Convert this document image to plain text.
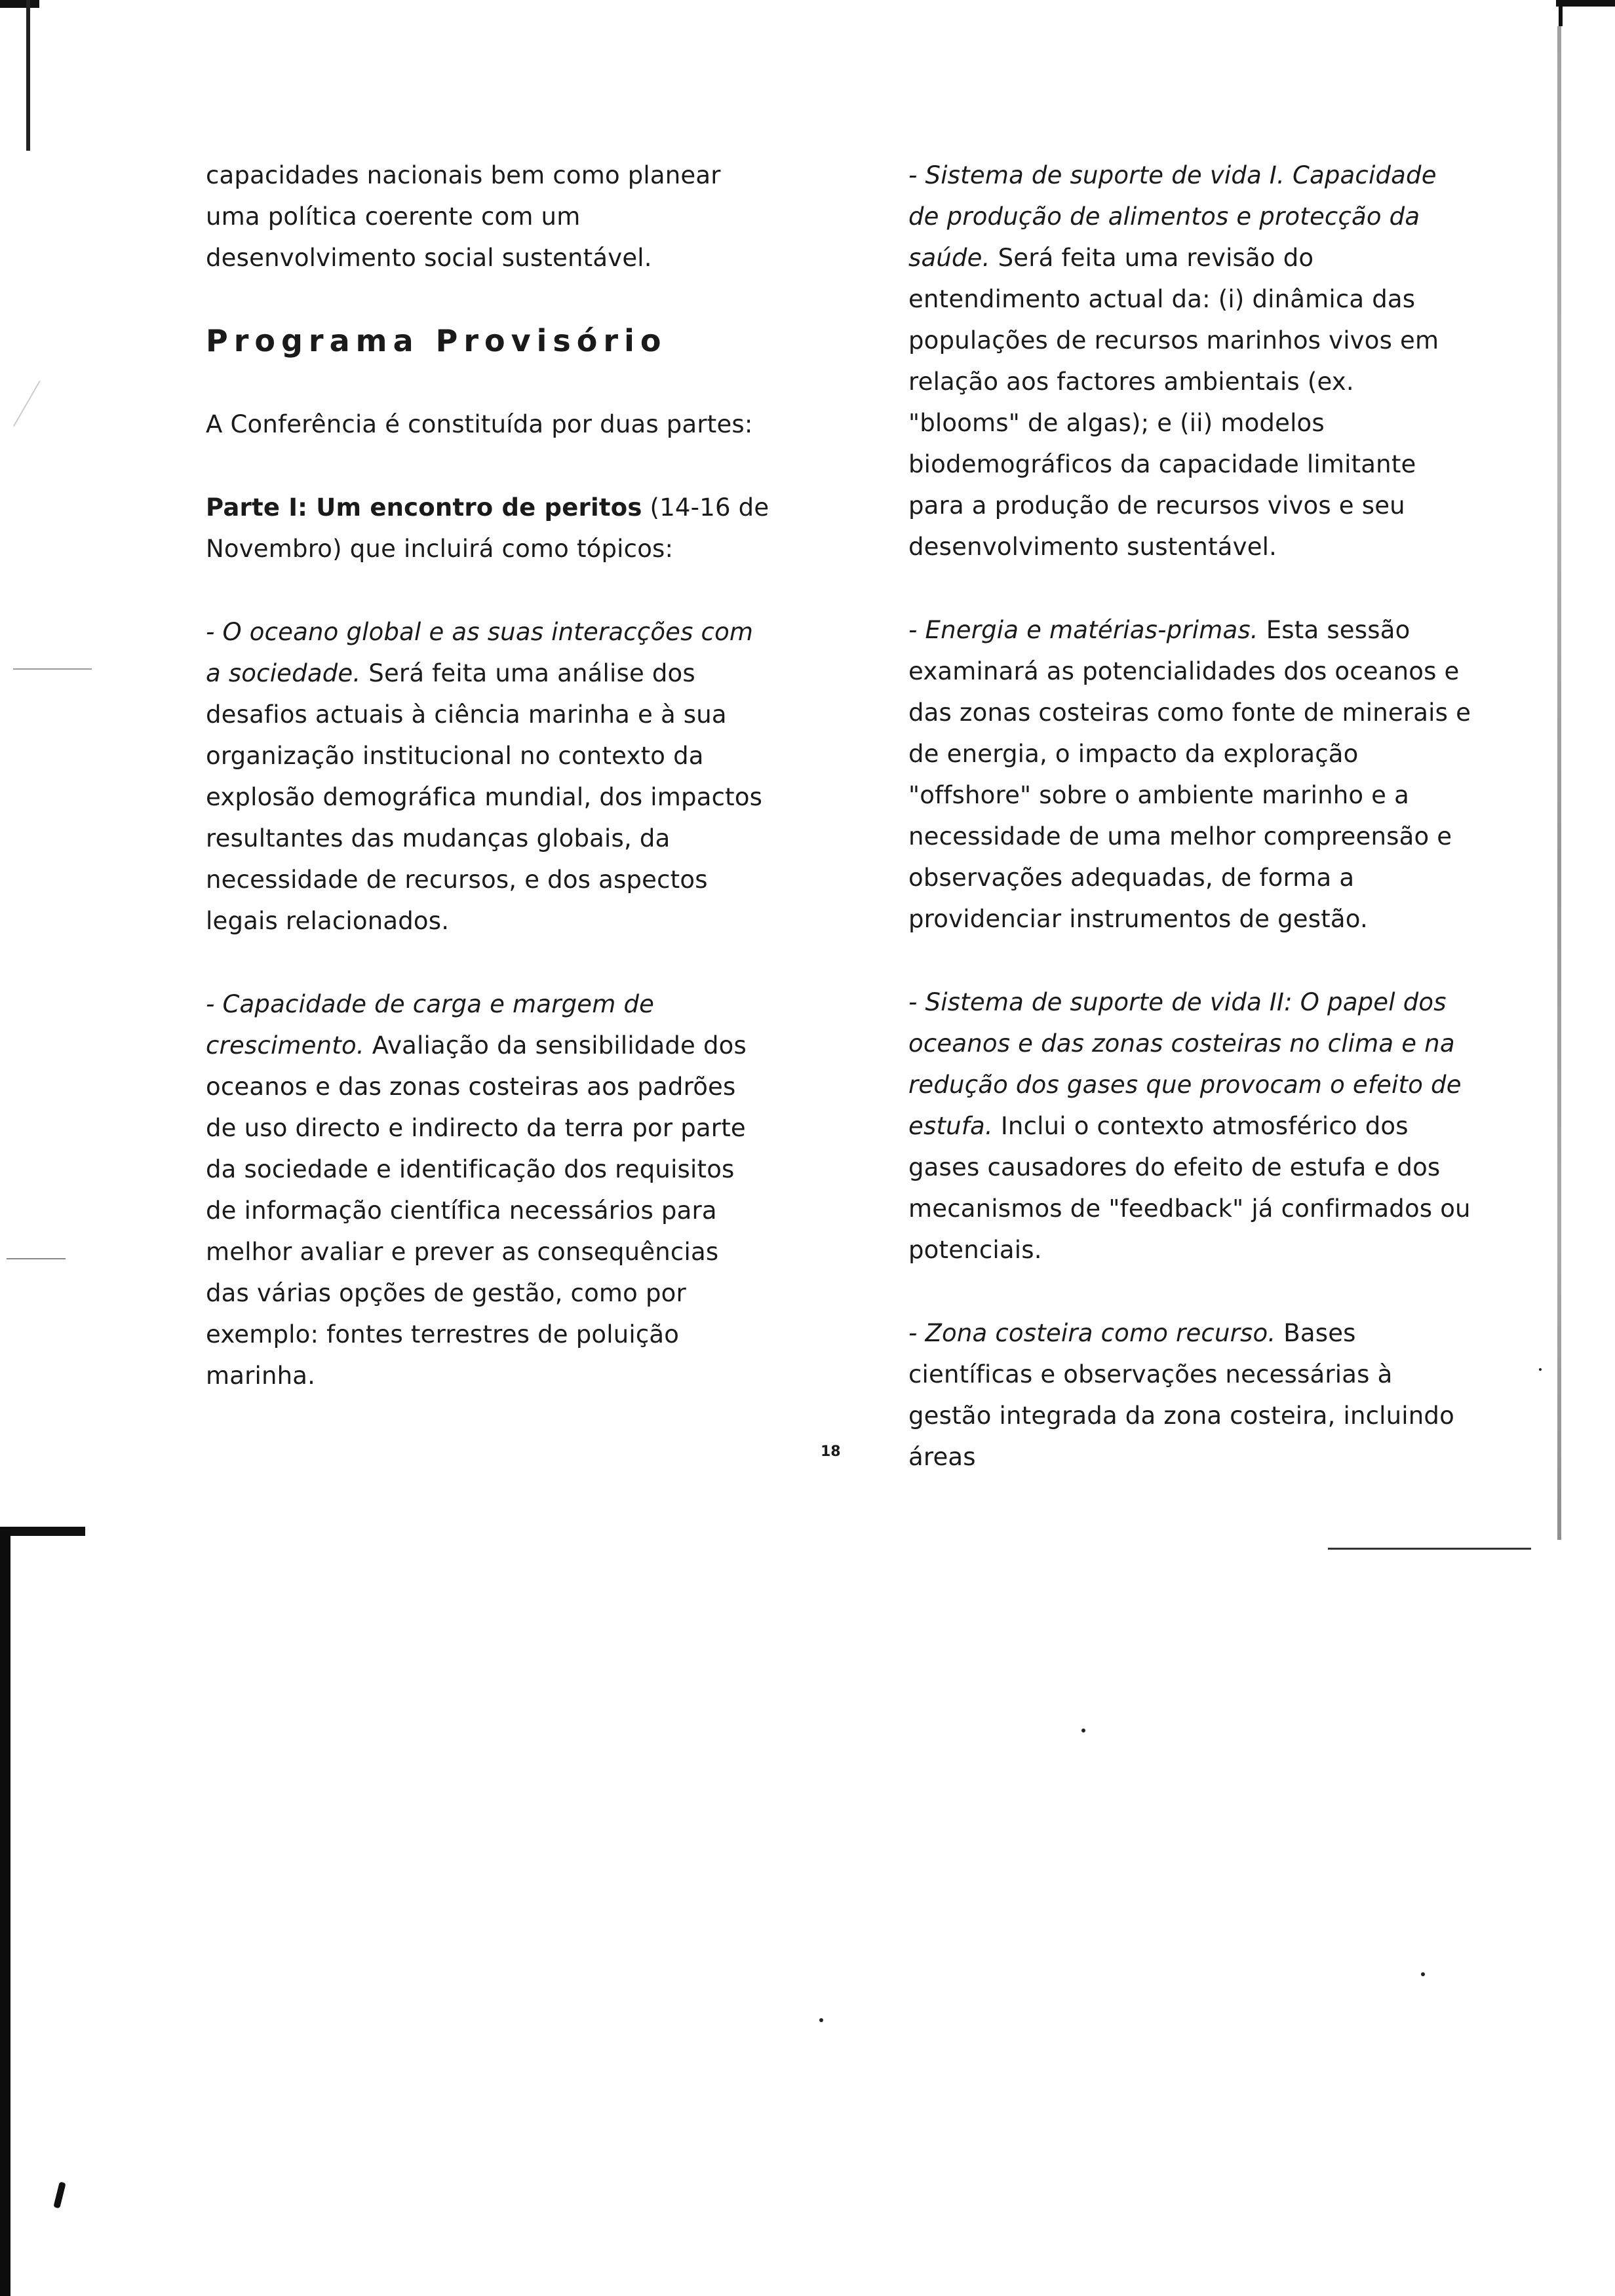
capacidades nacionais bem como planear uma política coerente com um desenvolvimento social sustentável.

Programa Provisório

A Conferência é constituída por duas partes:

Parte I: Um encontro de peritos (14-16 de Novembro) que incluirá como tópicos:

- O oceano global e as suas interacções com a sociedade. Será feita uma análise dos desafios actuais à ciência marinha e à sua organização institucional no contexto da explosão demográfica mundial, dos impactos resultantes das mudanças globais, da necessidade de recursos, e dos aspectos legais relacionados.

- Capacidade de carga e margem de crescimento. Avaliação da sensibilidade dos oceanos e das zonas costeiras aos padrões de uso directo e indirecto da terra por parte da sociedade e identificação dos requisitos de informação científica necessários para melhor avaliar e prever as consequências das várias opções de gestão, como por exemplo: fontes terrestres de poluição marinha.

- Sistema de suporte de vida I. Capacidade de produção de alimentos e protecção da saúde. Será feita uma revisão do entendimento actual da: (i) dinâmica das populações de recursos marinhos vivos em relação aos factores ambientais (ex. "blooms" de algas); e (ii) modelos biodemográficos da capacidade limitante para a produção de recursos vivos e seu desenvolvimento sustentável.

- Energia e matérias-primas. Esta sessão examinará as potencialidades dos oceanos e das zonas costeiras como fonte de minerais e de energia, o impacto da exploração "offshore" sobre o ambiente marinho e a necessidade de uma melhor compreensão e observações adequadas, de forma a providenciar instrumentos de gestão.

- Sistema de suporte de vida II: O papel dos oceanos e das zonas costeiras no clima e na redução dos gases que provocam o efeito de estufa. Inclui o contexto atmosférico dos gases causadores do efeito de estufa e dos mecanismos de "feedback" já confirmados ou potenciais.

- Zona costeira como recurso. Bases científicas e observações necessárias à gestão integrada da zona costeira, incluindo áreas

18
